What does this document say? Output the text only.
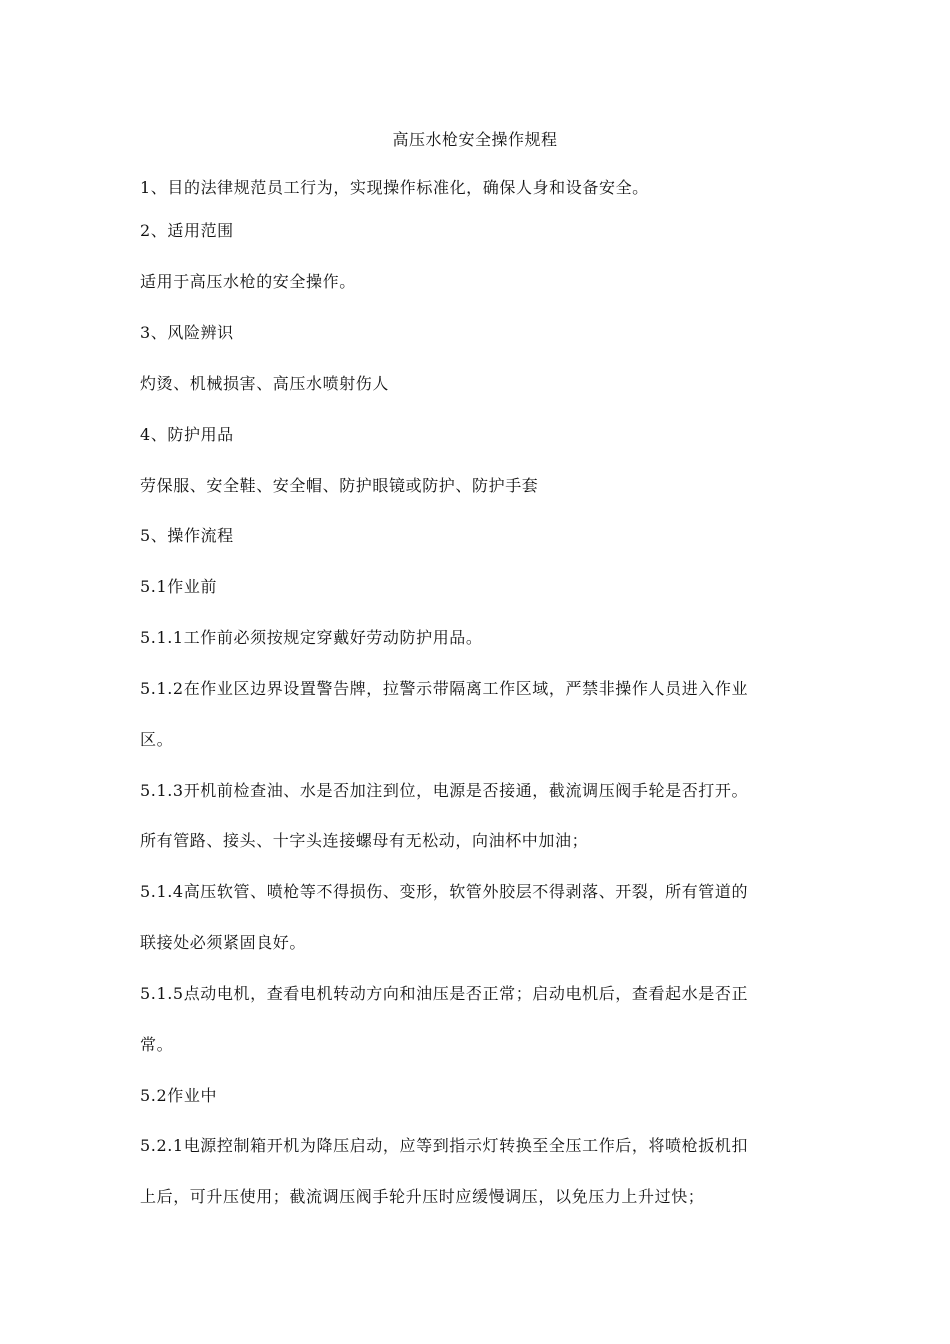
高压水枪安全操作规程
1、目的法律规范员工行为，实现操作标准化，确保人身和设备安全。
2、适用范围
适用于高压水枪的安全操作。
3、风险辨识
灼烫、机械损害、高压水喷射伤人
4、防护用品
劳保服、安全鞋、安全帽、防护眼镜或防护、防护手套
5、操作流程
5.1作业前
5.1.1工作前必须按规定穿戴好劳动防护用品。
5.1.2在作业区边界设置警告牌，拉警示带隔离工作区域，严禁非操作人员进入作业
区。
5.1.3开机前检查油、水是否加注到位，电源是否接通，截流调压阀手轮是否打开。
所有管路、接头、十字头连接螺母有无松动，向油杯中加油；
5.1.4高压软管、喷枪等不得损伤、变形，软管外胶层不得剥落、开裂，所有管道的
联接处必须紧固良好。
5.1.5点动电机，查看电机转动方向和油压是否正常；启动电机后，查看起水是否正
常。
5.2作业中
5.2.1电源控制箱开机为降压启动，应等到指示灯转换至全压工作后，将喷枪扳机扣
上后，可升压使用；截流调压阀手轮升压时应缓慢调压，以免压力上升过快；
